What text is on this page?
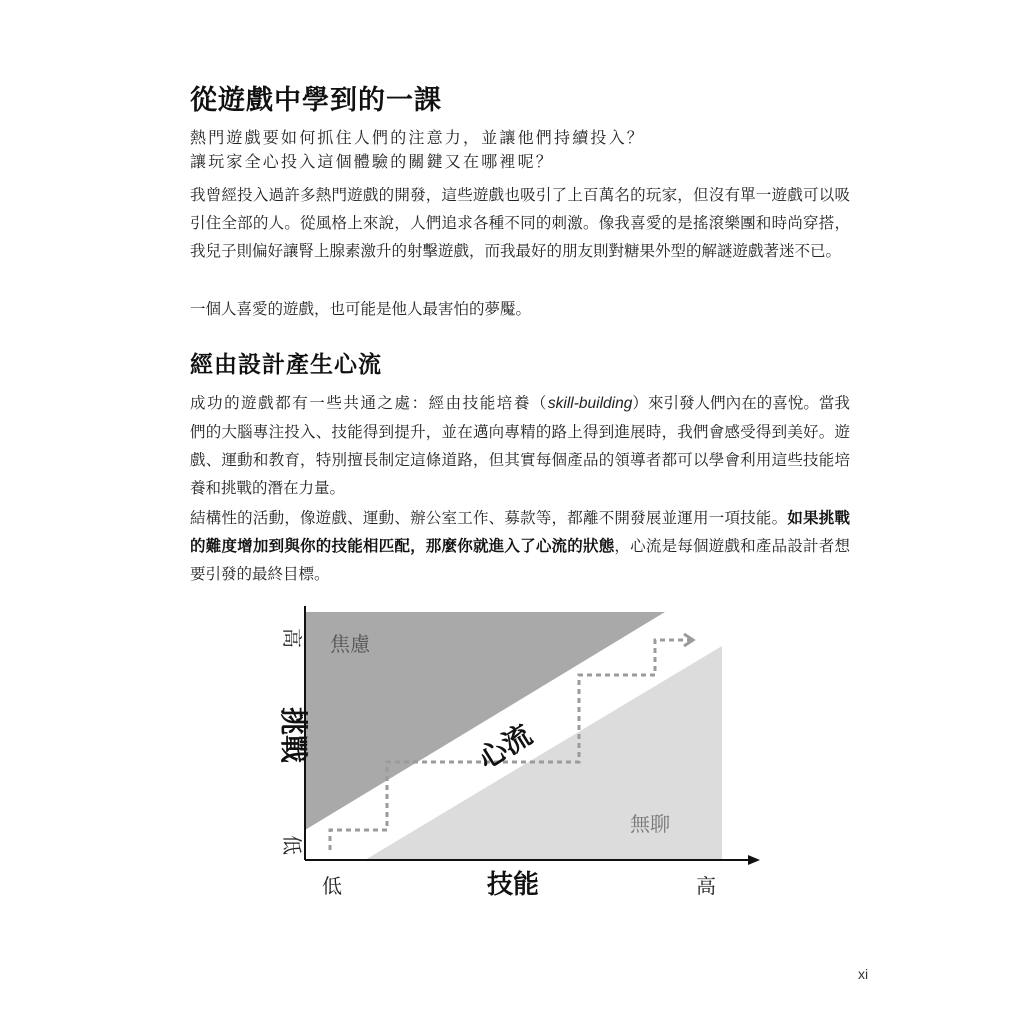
從遊戲中學到的一課
熱門遊戲要如何抓住人們的注意力，並讓他們持續投入？
讓玩家全心投入這個體驗的關鍵又在哪裡呢？
我曾經投入過許多熱門遊戲的開發，這些遊戲也吸引了上百萬名的玩家，但沒有單一遊戲可以吸引住全部的人。從風格上來說，人們追求各種不同的刺激。像我喜愛的是搖滾樂團和時尚穿搭，我兒子則偏好讓腎上腺素激升的射擊遊戲，而我最好的朋友則對糖果外型的解謎遊戲著迷不已。
一個人喜愛的遊戲，也可能是他人最害怕的夢魘。
經由設計產生心流
成功的遊戲都有一些共通之處：經由技能培養（skill-building）來引發人們內在的喜悅。當我們的大腦專注投入、技能得到提升，並在邁向專精的路上得到進展時，我們會感受得到美好。遊戲、運動和教育，特別擅長制定這條道路，但其實每個產品的領導者都可以學會利用這些技能培養和挑戰的潛在力量。
結構性的活動，像遊戲、運動、辦公室工作、募款等，都離不開發展並運用一項技能。如果挑戰的難度增加到與你的技能相匹配，那麼你就進入了心流的狀態，心流是每個遊戲和產品設計者想要引發的最終目標。
焦慮
無聊
心流
高
挑戰
低
低	技能	高
xi
